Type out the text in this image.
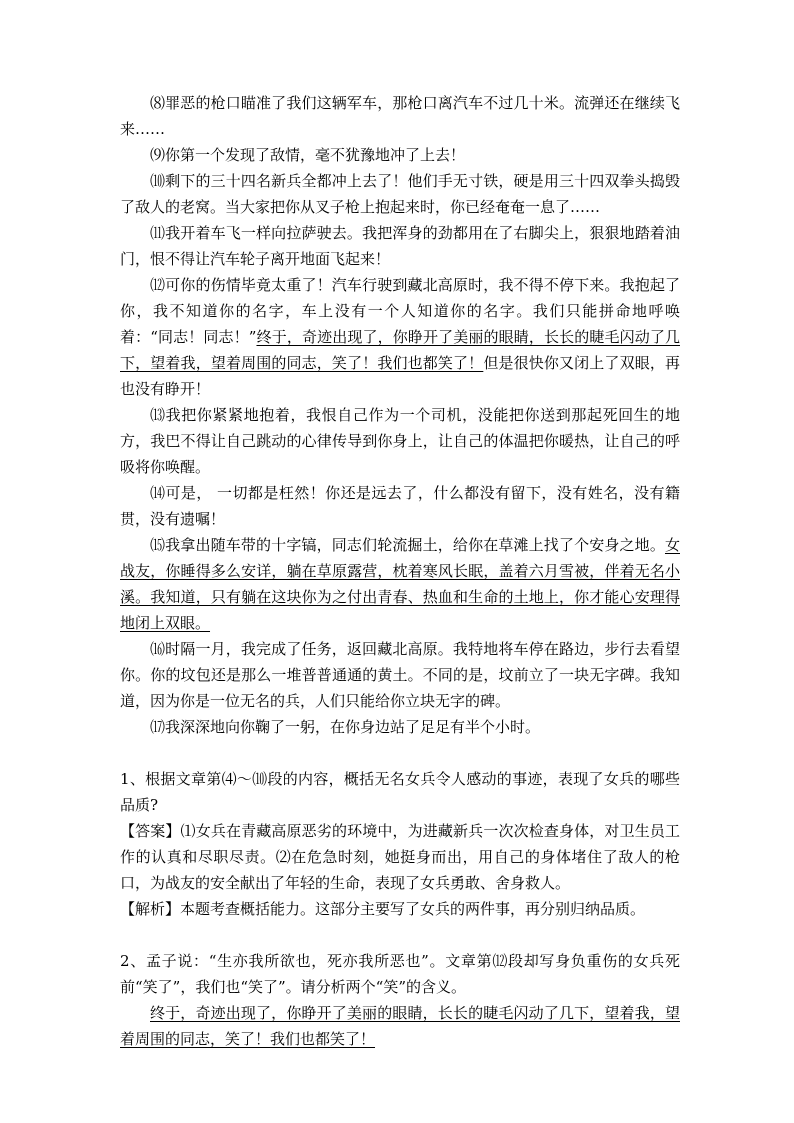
⑻罪恶的枪口瞄准了我们这辆军车，那枪口离汽车不过几十米。流弹还在继续飞来……

⑼你第一个发现了敌情，毫不犹豫地冲了上去！

⑽剩下的三十四名新兵全都冲上去了！他们手无寸铁，硬是用三十四双拳头捣毁了敌人的老窝。当大家把你从叉子枪上抱起来时，你已经奄奄一息了……

⑾我开着车飞一样向拉萨驶去。我把浑身的劲都用在了右脚尖上，狠狠地踏着油门，恨不得让汽车轮子离开地面飞起来！

⑿可你的伤情毕竟太重了！汽车行驶到藏北高原时，我不得不停下来。我抱起了你，我不知道你的名字，车上没有一个人知道你的名字。我们只能拼命地呼唤着：“同志！同志！”终于，奇迹出现了，你睁开了美丽的眼睛，长长的睫毛闪动了几下，望着我，望着周围的同志，笑了！我们也都笑了！但是很快你又闭上了双眼，再也没有睁开！

⒀我把你紧紧地抱着，我恨自己作为一个司机，没能把你送到那起死回生的地方，我巴不得让自己跳动的心律传导到你身上，让自己的体温把你暖热，让自己的呼吸将你唤醒。

⒁可是， 一切都是枉然！你还是远去了，什么都没有留下，没有姓名，没有籍贯，没有遗嘱！

⒂我拿出随车带的十字镐，同志们轮流掘土，给你在草滩上找了个安身之地。女战友，你睡得多么安详，躺在草原露营，枕着寒风长眠，盖着六月雪被，伴着无名小溪。我知道，只有躺在这块你为之付出青春、热血和生命的土地上，你才能心安理得地闭上双眼。

⒃时隔一月，我完成了任务，返回藏北高原。我特地将车停在路边，步行去看望你。你的坟包还是那么一堆普普通通的黄土。不同的是，坟前立了一块无字碑。我知道，因为你是一位无名的兵，人们只能给你立块无字的碑。

⒄我深深地向你鞠了一躬，在你身边站了足足有半个小时。

1、根据文章第⑷～⑽段的内容，概括无名女兵令人感动的事迹，表现了女兵的哪些品质?

【答案】⑴女兵在青藏高原恶劣的环境中，为进藏新兵一次次检查身体，对卫生员工作的认真和尽职尽责。⑵在危急时刻，她挺身而出，用自己的身体堵住了敌人的枪口，为战友的安全献出了年轻的生命，表现了女兵勇敢、舍身救人。

【解析】本题考查概括能力。这部分主要写了女兵的两件事，再分别归纳品质。

2、孟子说：“生亦我所欲也，死亦我所恶也”。文章第⑿段却写身负重伤的女兵死前“笑了”，我们也“笑了”。请分析两个“笑”的含义。

终于，奇迹出现了，你睁开了美丽的眼睛，长长的睫毛闪动了几下，望着我，望着周围的同志，笑了！我们也都笑了！
